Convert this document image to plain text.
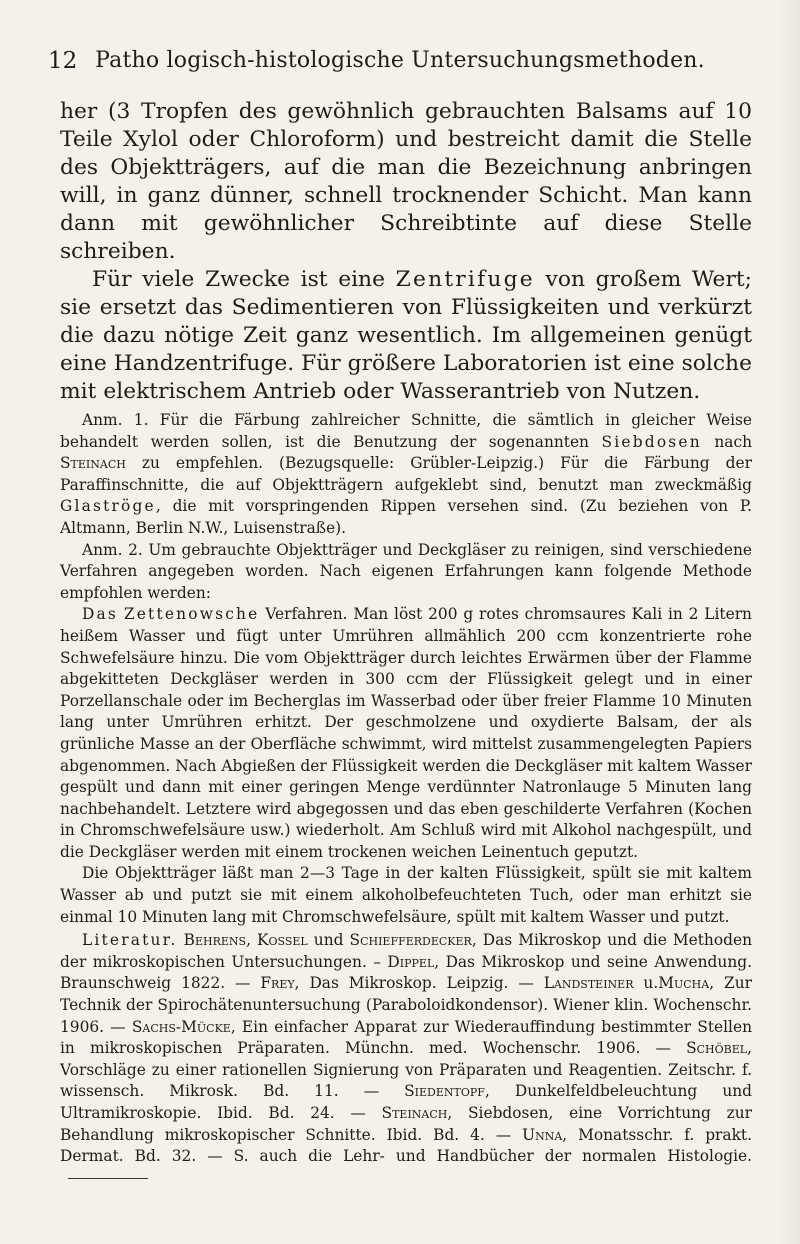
12 Patho logisch-histologische Untersuchungsmethoden.

her (3 Tropfen des gewöhnlich gebrauchten Balsams auf 10 Teile Xylol oder Chloroform) und bestreicht damit die Stelle des Objektträgers, auf die man die Bezeichnung anbringen will, in ganz dünner, schnell trocknender Schicht. Man kann dann mit gewöhnlicher Schreibtinte auf diese Stelle schreiben.

Für viele Zwecke ist eine Zentrifuge von großem Wert; sie ersetzt das Sedimentieren von Flüssigkeiten und verkürzt die dazu nötige Zeit ganz wesentlich. Im allgemeinen genügt eine Handzentrifuge. Für größere Laboratorien ist eine solche mit elektrischem Antrieb oder Wasserantrieb von Nutzen.

Anm. 1. Für die Färbung zahlreicher Schnitte, die sämtlich in gleicher Weise behandelt werden sollen, ist die Benutzung der sogenannten Siebdosen nach Steinach zu empfehlen. (Bezugsquelle: Grübler-Leipzig.) Für die Färbung der Paraffinschnitte, die auf Objektträgern aufgeklebt sind, benutzt man zweckmäßig Glaströge, die mit vorspringenden Rippen versehen sind. (Zu beziehen von P. Altmann, Berlin N.W., Luisenstraße).

Anm. 2. Um gebrauchte Objektträger und Deckgläser zu reinigen, sind verschiedene Verfahren angegeben worden. Nach eigenen Erfahrungen kann folgende Methode empfohlen werden:

Das Zettenowsche Verfahren. Man löst 200 g rotes chromsaures Kali in 2 Litern heißem Wasser und fügt unter Umrühren allmählich 200 ccm konzentrierte rohe Schwefelsäure hinzu. Die vom Objektträger durch leichtes Erwärmen über der Flamme abgekitteten Deckgläser werden in 300 ccm der Flüssigkeit gelegt und in einer Porzellanschale oder im Becherglas im Wasserbad oder über freier Flamme 10 Minuten lang unter Umrühren erhitzt. Der geschmolzene und oxydierte Balsam, der als grünliche Masse an der Oberfläche schwimmt, wird mittelst zusammengelegten Papiers abgenommen. Nach Abgießen der Flüssigkeit werden die Deckgläser mit kaltem Wasser gespült und dann mit einer geringen Menge verdünnter Natronlauge 5 Minuten lang nachbehandelt. Letztere wird abgegossen und das eben geschilderte Verfahren (Kochen in Chromschwefelsäure usw.) wiederholt. Am Schluß wird mit Alkohol nachgespült, und die Deckgläser werden mit einem trockenen weichen Leinentuch geputzt.

Die Objektträger läßt man 2—3 Tage in der kalten Flüssigkeit, spült sie mit kaltem Wasser ab und putzt sie mit einem alkoholbefeuchteten Tuch, oder man erhitzt sie einmal 10 Minuten lang mit Chromschwefelsäure, spült mit kaltem Wasser und putzt.

Literatur. Behrens, Kossel und Schiefferdecker, Das Mikroskop und die Methoden der mikroskopischen Untersuchungen. – Dippel, Das Mikroskop und seine Anwendung. Braunschweig 1822. — Frey, Das Mikroskop. Leipzig. — Landsteiner u.Mucha, Zur Technik der Spirochätenuntersuchung (Paraboloidkondensor). Wiener klin. Wochenschr. 1906. — Sachs-Mücke, Ein einfacher Apparat zur Wiederauffindung bestimmter Stellen in mikroskopischen Präparaten. Münchn. med. Wochenschr. 1906. — Schöbel, Vorschläge zu einer rationellen Signierung von Präparaten und Reagentien. Zeitschr. f. wissensch. Mikrosk. Bd. 11. — Siedentopf, Dunkelfeldbeleuchtung und Ultramikroskopie. Ibid. Bd. 24. — Steinach, Siebdosen, eine Vorrichtung zur Behandlung mikroskopischer Schnitte. Ibid. Bd. 4. — Unna, Monatsschr. f. prakt. Dermat. Bd. 32. — S. auch die Lehr- und Handbücher der normalen Histologie.
